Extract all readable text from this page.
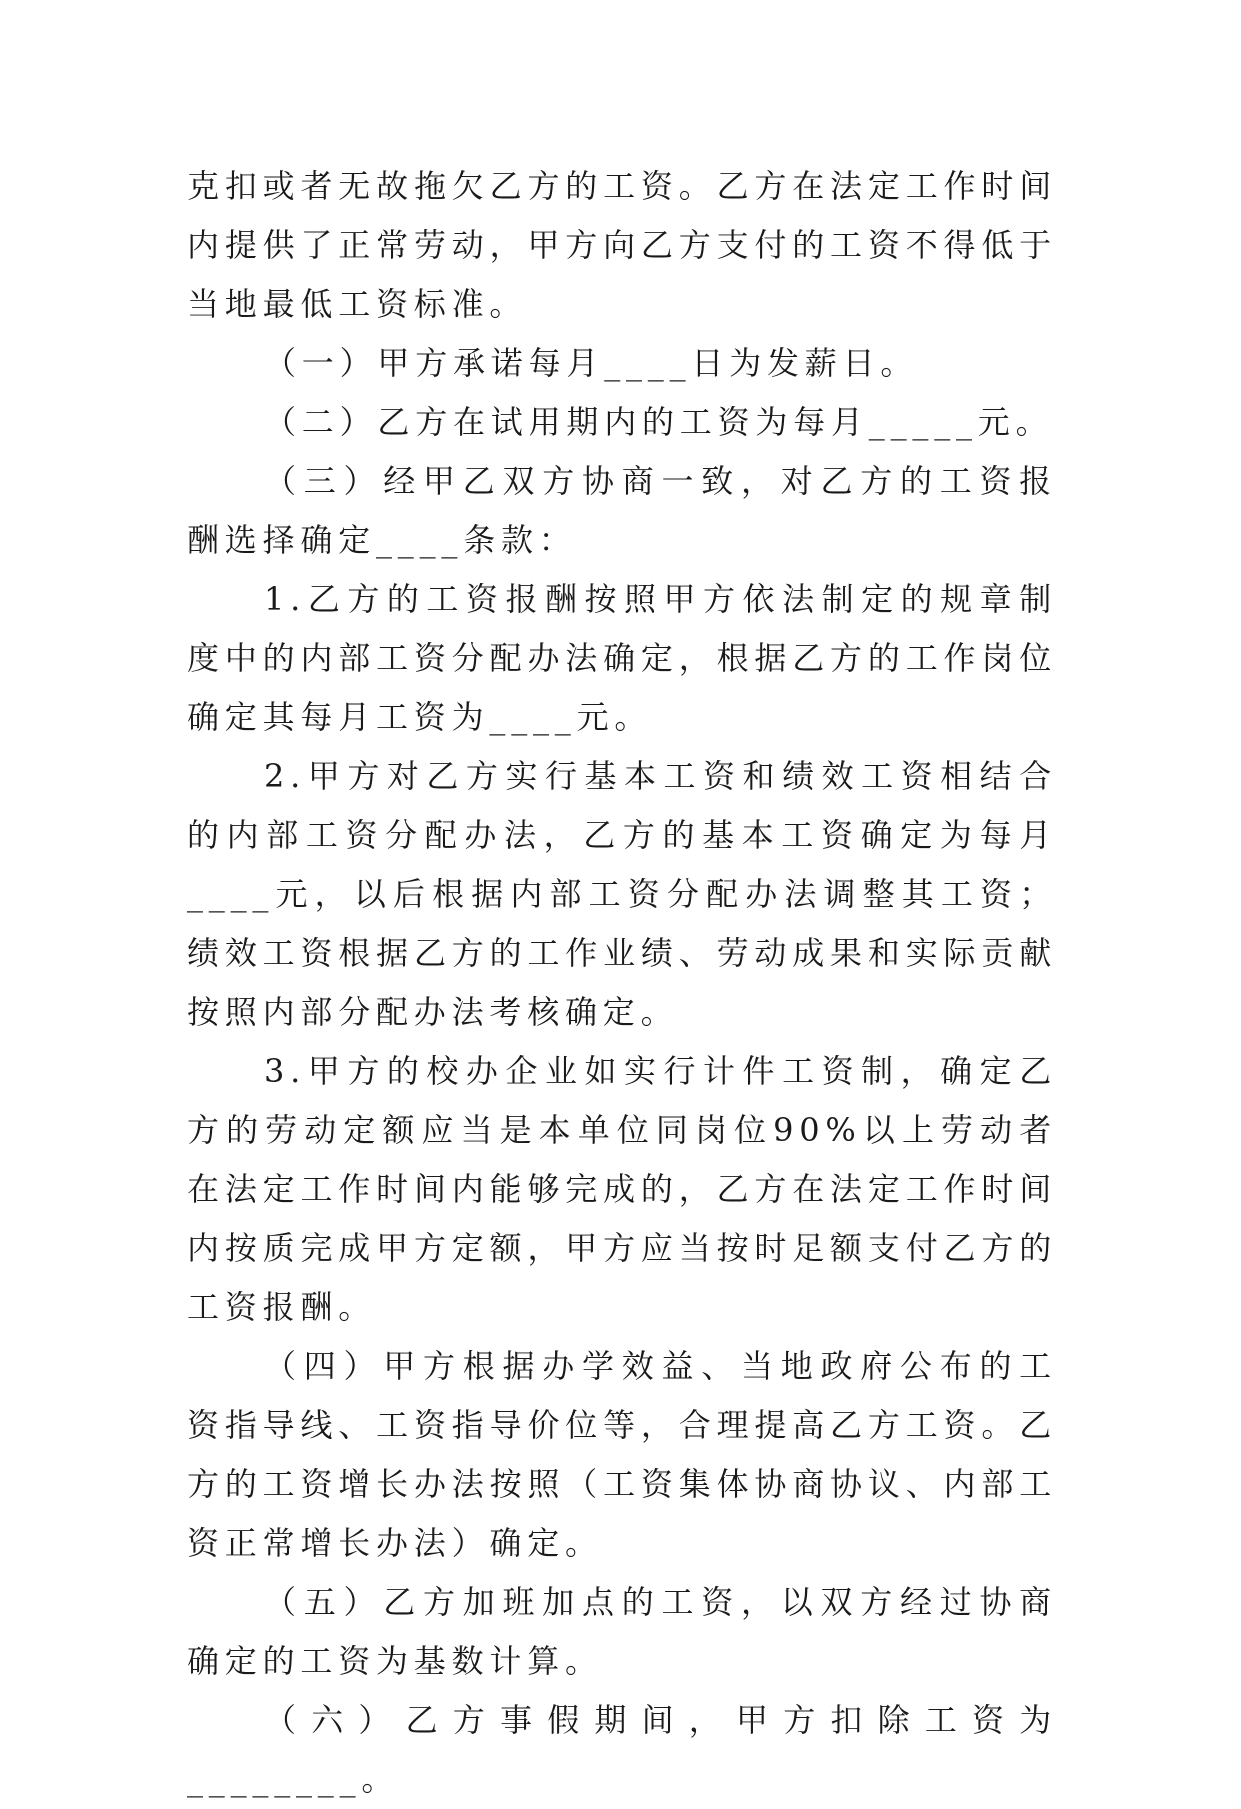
克扣或者无故拖欠乙方的工资。乙方在法定工作时间内提供了正常劳动，甲方向乙方支付的工资不得低于当地最低工资标准。

（一）甲方承诺每月____日为发薪日。

（二）乙方在试用期内的工资为每月_____元。

（三）经甲乙双方协商一致，对乙方的工资报酬选择确定____条款：

1.乙方的工资报酬按照甲方依法制定的规章制度中的内部工资分配办法确定，根据乙方的工作岗位确定其每月工资为____元。

2.甲方对乙方实行基本工资和绩效工资相结合的内部工资分配办法，乙方的基本工资确定为每月____元，以后根据内部工资分配办法调整其工资；绩效工资根据乙方的工作业绩、劳动成果和实际贡献按照内部分配办法考核确定。

3.甲方的校办企业如实行计件工资制，确定乙方的劳动定额应当是本单位同岗位90%以上劳动者在法定工作时间内能够完成的，乙方在法定工作时间内按质完成甲方定额，甲方应当按时足额支付乙方的工资报酬。

（四）甲方根据办学效益、当地政府公布的工资指导线、工资指导价位等，合理提高乙方工资。乙方的工资增长办法按照（工资集体协商协议、内部工资正常增长办法）确定。

（五）乙方加班加点的工资，以双方经过协商确定的工资为基数计算。

（六）乙方事假期间，甲方扣除工资为________。
